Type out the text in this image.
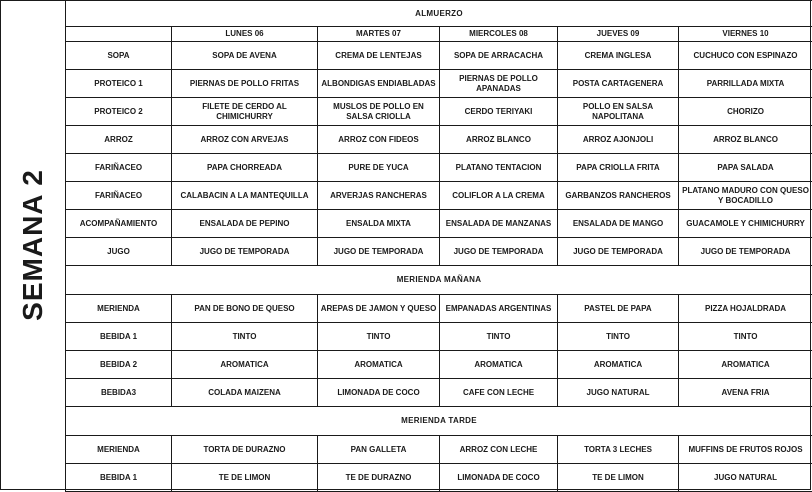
SEMANA 2
ALMUERZO					
	LUNES 06	MARTES 07	MIERCOLES 08	JUEVES 09	VIERNES 10
SOPA	SOPA DE AVENA	CREMA DE LENTEJAS	SOPA DE ARRACACHA	CREMA INGLESA	CUCHUCO CON ESPINAZO
PROTEICO 1	PIERNAS DE POLLO FRITAS	ALBONDIGAS ENDIABLADAS	PIERNAS DE POLLO APANADAS	POSTA CARTAGENERA	PARRILLADA MIXTA
PROTEICO 2	FILETE DE CERDO AL CHIMICHURRY	MUSLOS DE POLLO EN SALSA CRIOLLA	CERDO TERIYAKI	POLLO EN SALSA NAPOLITANA	CHORIZO
ARROZ	ARROZ CON ARVEJAS	ARROZ CON FIDEOS	ARROZ BLANCO	ARROZ AJONJOLI	ARROZ BLANCO
FARIÑACEO	PAPA CHORREADA	PURE DE YUCA	PLATANO TENTACION	PAPA CRIOLLA FRITA	PAPA SALADA
FARIÑACEO	CALABACIN A LA MANTEQUILLA	ARVERJAS RANCHERAS	COLIFLOR A LA CREMA	GARBANZOS RANCHEROS	PLATANO MADURO CON QUESO Y BOCADILLO
ACOMPAÑAMIENTO	ENSALADA DE PEPINO	ENSALDA MIXTA	ENSALADA DE MANZANAS	ENSALADA DE MANGO	GUACAMOLE Y CHIMICHURRY
JUGO	JUGO DE TEMPORADA	JUGO DE TEMPORADA	JUGO DE TEMPORADA	JUGO DE TEMPORADA	JUGO DE TEMPORADA
MERIENDA MAÑANA					
MERIENDA	PAN DE BONO DE QUESO	AREPAS DE JAMON Y QUESO	EMPANADAS ARGENTINAS	PASTEL DE PAPA	PIZZA HOJALDRADA
BEBIDA 1	TINTO	TINTO	TINTO	TINTO	TINTO
BEBIDA 2	AROMATICA	AROMATICA	AROMATICA	AROMATICA	AROMATICA
BEBIDA3	COLADA MAIZENA	LIMONADA DE COCO	CAFE CON LECHE	JUGO NATURAL	AVENA FRIA
MERIENDA TARDE					
MERIENDA	TORTA DE DURAZNO	PAN GALLETA	ARROZ CON LECHE	TORTA 3 LECHES	MUFFINS DE FRUTOS ROJOS
BEBIDA 1	TE DE LIMON	TE DE DURAZNO	LIMONADA DE COCO	TE DE LIMON	JUGO NATURAL
